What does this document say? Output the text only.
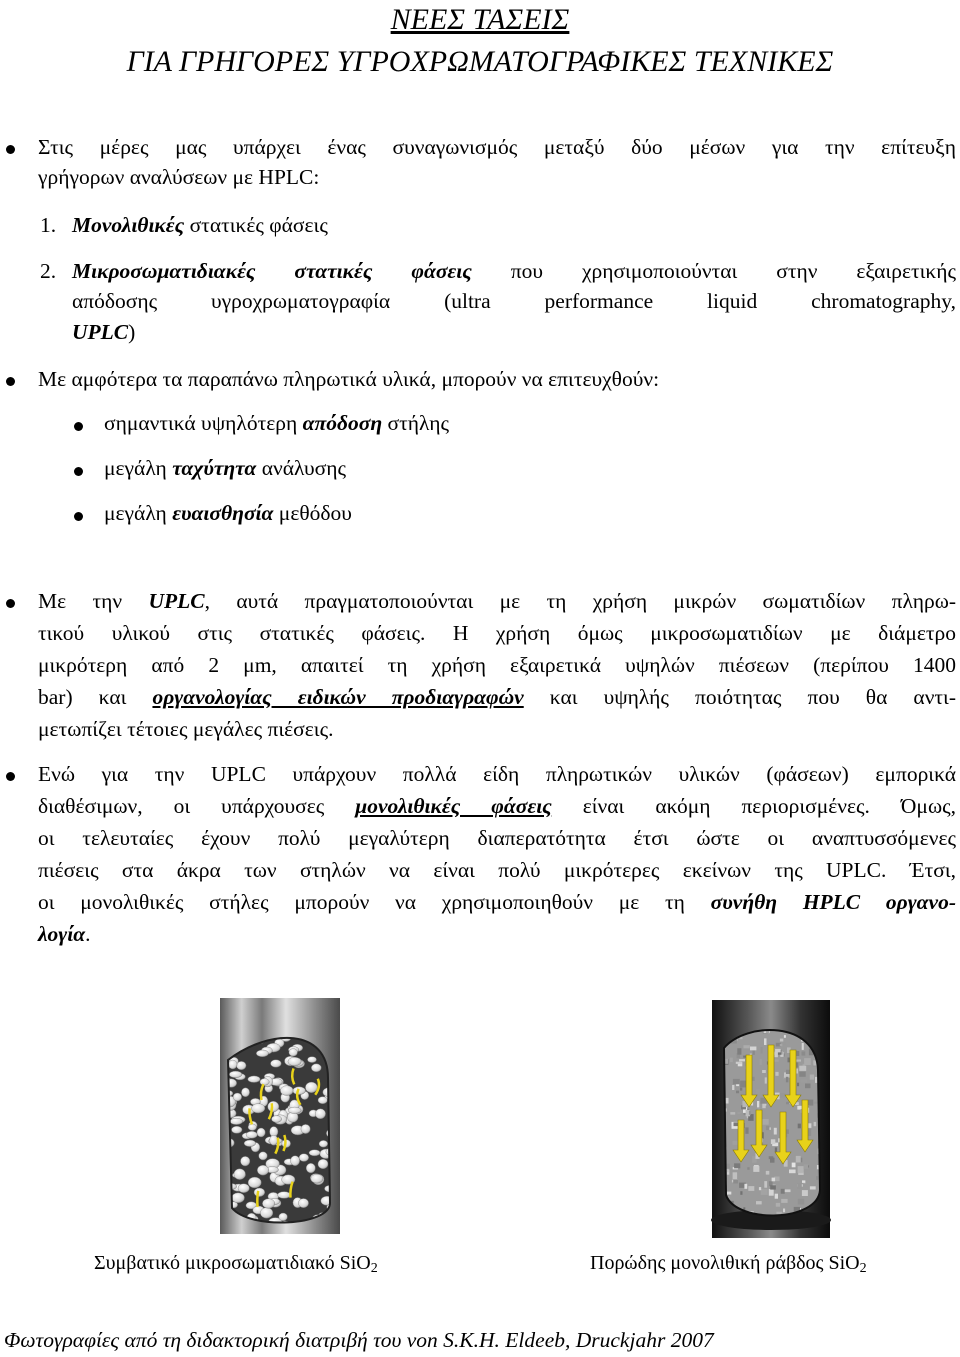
ΝΕΕΣ ΤΑΣΕΙΣ
ΓΙΑ ΓΡΗΓΟΡΕΣ ΥΓΡΟΧΡΩΜΑΤΟΓΡΑΦΙΚΕΣ ΤΕΧΝΙΚΕΣ
Στις μέρες μας υπάρχει ένας συναγωνισμός μεταξύ δύο μέσων για την επίτευξη
γρήγορων αναλύσεων με HPLC:
1. Μονολιθικές στατικές φάσεις
2. Μικροσωματιδιακές στατικές φάσεις που χρησιμοποιούνται στην εξαιρετικής
απόδοσης υγροχρωματογραφία (ultra performance liquid chromatography,
UPLC)
Με αμφότερα τα παραπάνω πληρωτικά υλικά, μπορούν να επιτευχθούν:
σημαντικά υψηλότερη απόδοση στήλης
μεγάλη ταχύτητα ανάλυσης
μεγάλη ευαισθησία μεθόδου
Με την UPLC, αυτά πραγματοποιούνται με τη χρήση μικρών σωματιδίων πληρω-
τικού υλικού στις στατικές φάσεις. Η χρήση όμως μικροσωματιδίων με διάμετρο
μικρότερη από 2 μm, απαιτεί τη χρήση εξαιρετικά υψηλών πιέσεων (περίπου 1400
bar) και οργανολογίας ειδικών προδιαγραφών και υψηλής ποιότητας που θα αντι-
μετωπίζει τέτοιες μεγάλες πιέσεις.
Ενώ για την UPLC υπάρχουν πολλά είδη πληρωτικών υλικών (φάσεων) εμπορικά
διαθέσιμων, οι υπάρχουσες μονολιθικές φάσεις είναι ακόμη περιορισμένες. Όμως,
οι τελευταίες έχουν πολύ μεγαλύτερη διαπερατότητα έτσι ώστε οι αναπτυσσόμενες
πιέσεις στα άκρα των στηλών να είναι πολύ μικρότερες εκείνων της UPLC. Έτσι,
οι μονολιθικές στήλες μπορούν να χρησιμοποιηθούν με τη συνήθη HPLC οργανο-
λογία.
Συμβατικό μικροσωματιδιακό SiO$_2$	Πορώδης μονολιθική ράβδος SiO$_2$
Φωτογραφίες από τη διδακτορική διατριβή του von S.K.H. Eldeeb, Druckjahr 2007
